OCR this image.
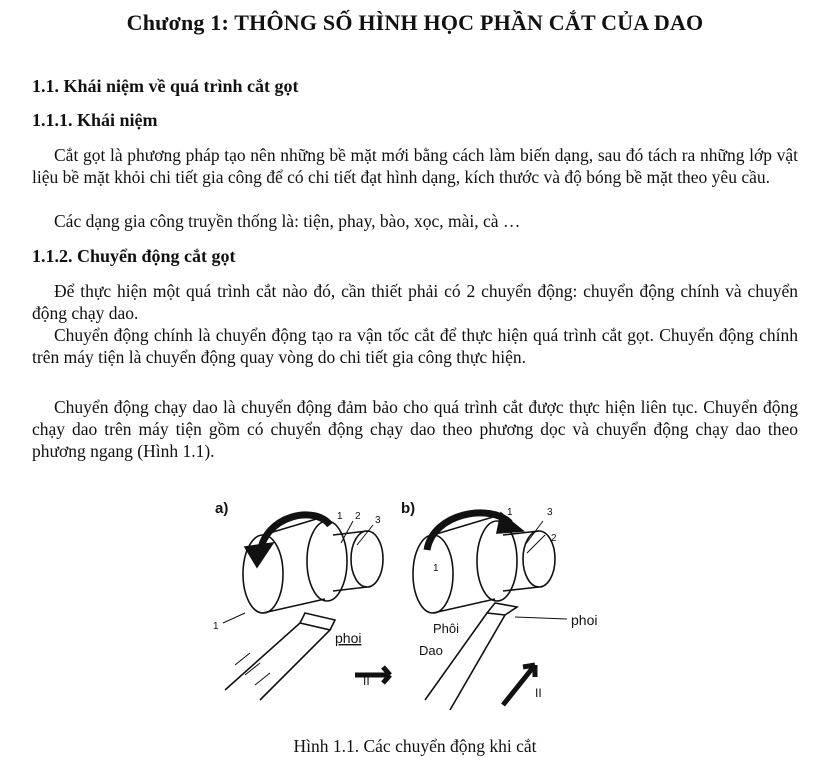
Chương 1: THÔNG SỐ HÌNH HỌC PHẦN CẮT CỦA DAO
1.1. Khái niệm về quá trình cắt gọt
1.1.1. Khái niệm

Cắt gọt là phương pháp tạo nên những bề mặt mới bằng cách làm biến dạng, sau đó tách ra những lớp vật liệu bề mặt khỏi chi tiết gia công để có chi tiết đạt hình dạng, kích thước và độ bóng bề mặt theo yêu cầu.

Các dạng gia công truyền thống là: tiện, phay, bào, xọc, mài, cà …

1.1.2. Chuyển động cắt gọt

Để thực hiện một quá trình cắt nào đó, cần thiết phải có 2 chuyển động: chuyển động chính và chuyển động chạy dao.

Chuyển động chính là chuyển động tạo ra vận tốc cắt để thực hiện quá trình cắt gọt. Chuyển động chính trên máy tiện là chuyển động quay vòng do chi tiết gia công thực hiện.

Chuyển động chạy dao là chuyển động đảm bảo cho quá trình cắt được thực hiện liên tục. Chuyển động chạy dao trên máy tiện gồm có chuyển động chạy dao theo phương dọc và chuyển động chạy dao theo phương ngang (Hình 1.1).

a)	1 2 3
1
phoi
II
b)	1
1
3
2
Phôi
Dao
phoi
II
Hình 1.1. Các chuyển động khi cắt
